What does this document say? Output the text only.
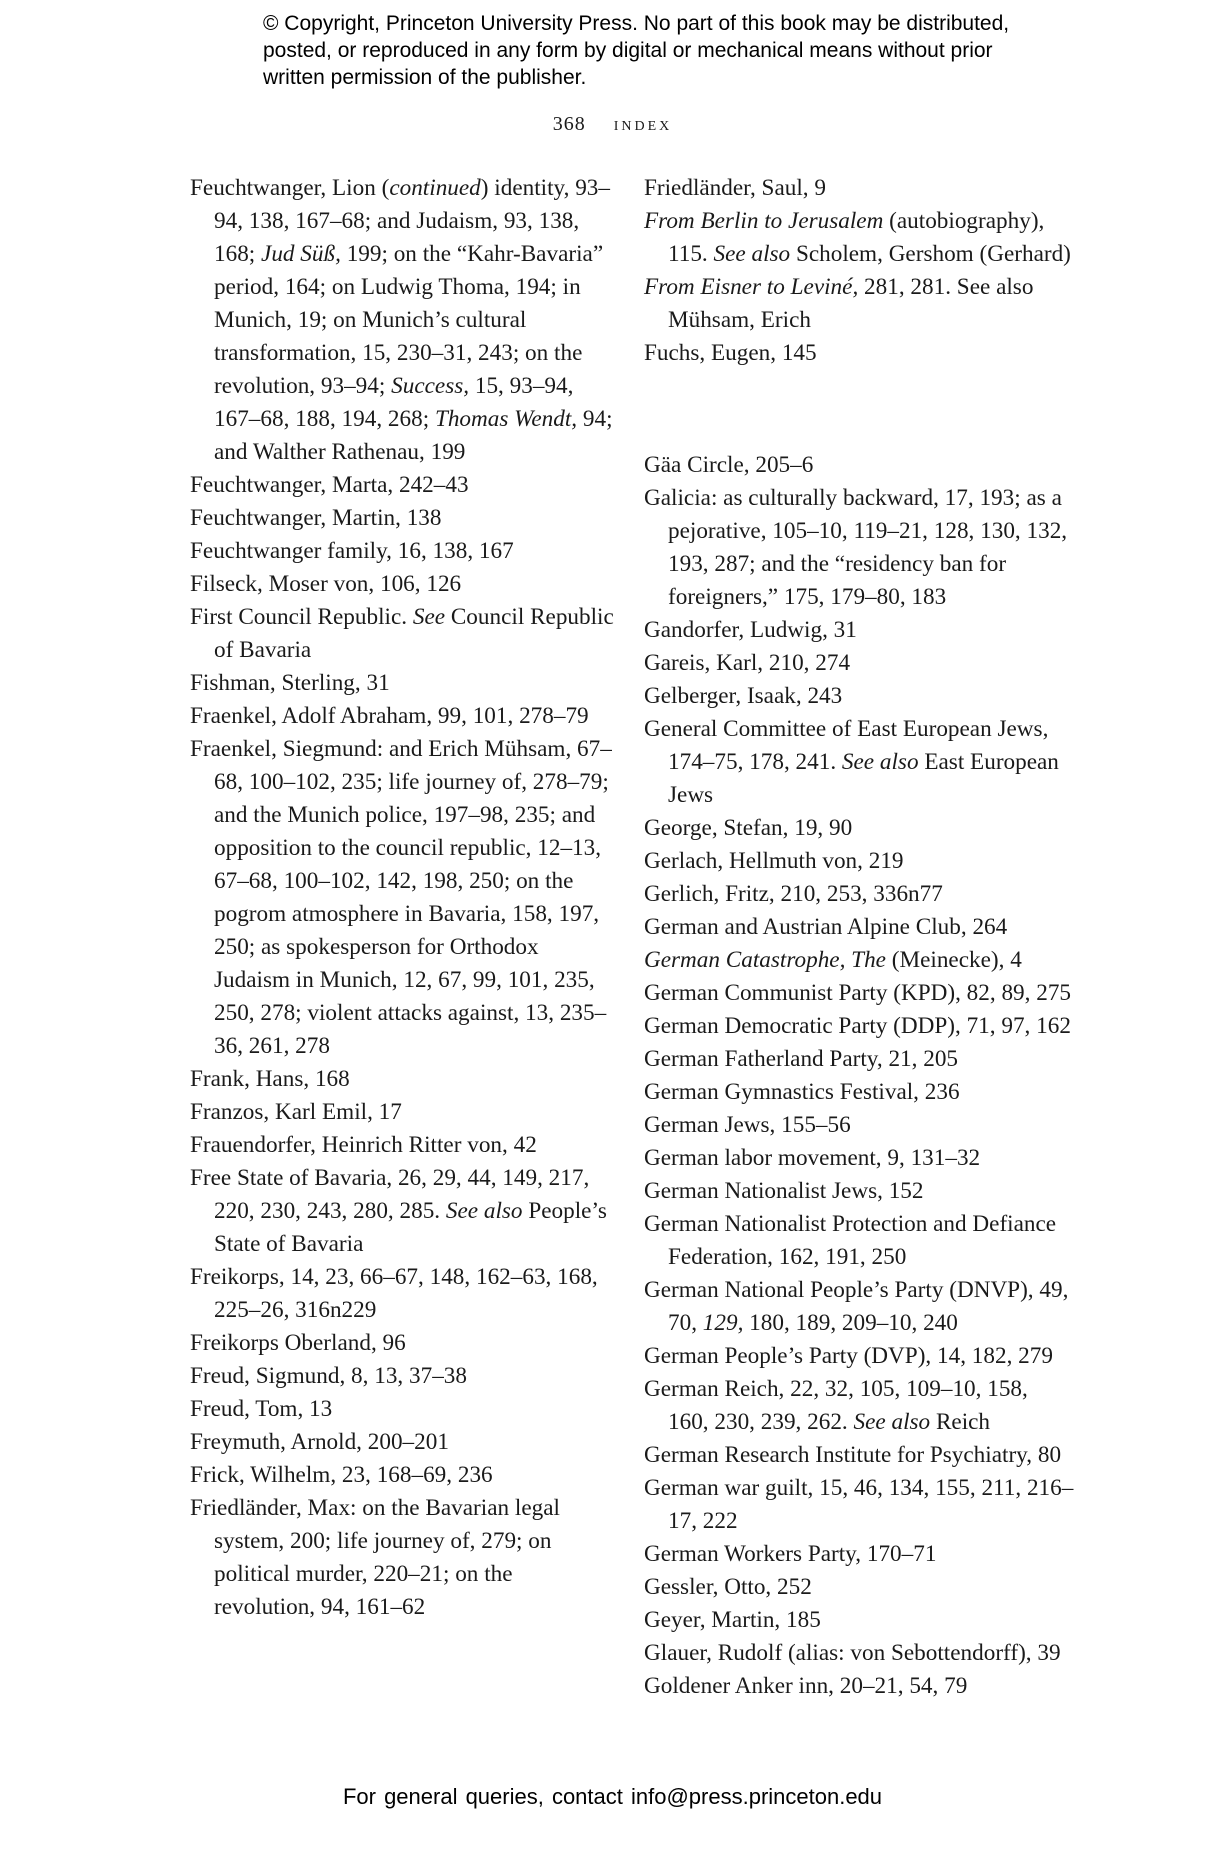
© Copyright, Princeton University Press. No part of this book may be distributed, posted, or reproduced in any form by digital or mechanical means without prior written permission of the publisher.
368 index

Feuchtwanger, Lion (continued) identity, 93–94, 138, 167–68; and Judaism, 93, 138, 168; Jud Süß, 199; on the “Kahr-Bavaria” period, 164; on Ludwig Thoma, 194; in Munich, 19; on Munich’s cultural transformation, 15, 230–31, 243; on the revolution, 93–94; Success, 15, 93–94, 167–68, 188, 194, 268; Thomas Wendt, 94; and Walther Rathenau, 199

Feuchtwanger, Marta, 242–43

Feuchtwanger, Martin, 138

Feuchtwanger family, 16, 138, 167

Filseck, Moser von, 106, 126

First Council Republic. See Council Republic of Bavaria

Fishman, Sterling, 31

Fraenkel, Adolf Abraham, 99, 101, 278–79

Fraenkel, Siegmund: and Erich Mühsam, 67–68, 100–102, 235; life journey of, 278–79; and the Munich police, 197–98, 235; and opposition to the council republic, 12–13, 67–68, 100–102, 142, 198, 250; on the pogrom atmosphere in Bavaria, 158, 197, 250; as spokesperson for Orthodox Judaism in Munich, 12, 67, 99, 101, 235, 250, 278; violent attacks against, 13, 235–36, 261, 278

Frank, Hans, 168

Franzos, Karl Emil, 17

Frauendorfer, Heinrich Ritter von, 42

Free State of Bavaria, 26, 29, 44, 149, 217, 220, 230, 243, 280, 285. See also People’s State of Bavaria

Freikorps, 14, 23, 66–67, 148, 162–63, 168, 225–26, 316n229

Freikorps Oberland, 96

Freud, Sigmund, 8, 13, 37–38

Freud, Tom, 13

Freymuth, Arnold, 200–201

Frick, Wilhelm, 23, 168–69, 236

Friedländer, Max: on the Bavarian legal system, 200; life journey of, 279; on political murder, 220–21; on the revolution, 94, 161–62

Friedländer, Saul, 9

From Berlin to Jerusalem (autobiography), 115. See also Scholem, Gershom (Gerhard)

From Eisner to Leviné, 281, 281. See also Mühsam, Erich

Fuchs, Eugen, 145

Gäa Circle, 205–6

Galicia: as culturally backward, 17, 193; as a pejorative, 105–10, 119–21, 128, 130, 132, 193, 287; and the “residency ban for foreigners,” 175, 179–80, 183

Gandorfer, Ludwig, 31

Gareis, Karl, 210, 274

Gelberger, Isaak, 243

General Committee of East European Jews, 174–75, 178, 241. See also East European Jews

George, Stefan, 19, 90

Gerlach, Hellmuth von, 219

Gerlich, Fritz, 210, 253, 336n77

German and Austrian Alpine Club, 264

German Catastrophe, The (Meinecke), 4

German Communist Party (KPD), 82, 89, 275

German Democratic Party (DDP), 71, 97, 162

German Fatherland Party, 21, 205

German Gymnastics Festival, 236

German Jews, 155–56

German labor movement, 9, 131–32

German Nationalist Jews, 152

German Nationalist Protection and Defiance Federation, 162, 191, 250

German National People’s Party (DNVP), 49, 70, 129, 180, 189, 209–10, 240

German People’s Party (DVP), 14, 182, 279

German Reich, 22, 32, 105, 109–10, 158, 160, 230, 239, 262. See also Reich

German Research Institute for Psychiatry, 80

German war guilt, 15, 46, 134, 155, 211, 216–17, 222

German Workers Party, 170–71

Gessler, Otto, 252

Geyer, Martin, 185

Glauer, Rudolf (alias: von Sebottendorff), 39

Goldener Anker inn, 20–21, 54, 79

For general queries, contact info@press.princeton.edu
